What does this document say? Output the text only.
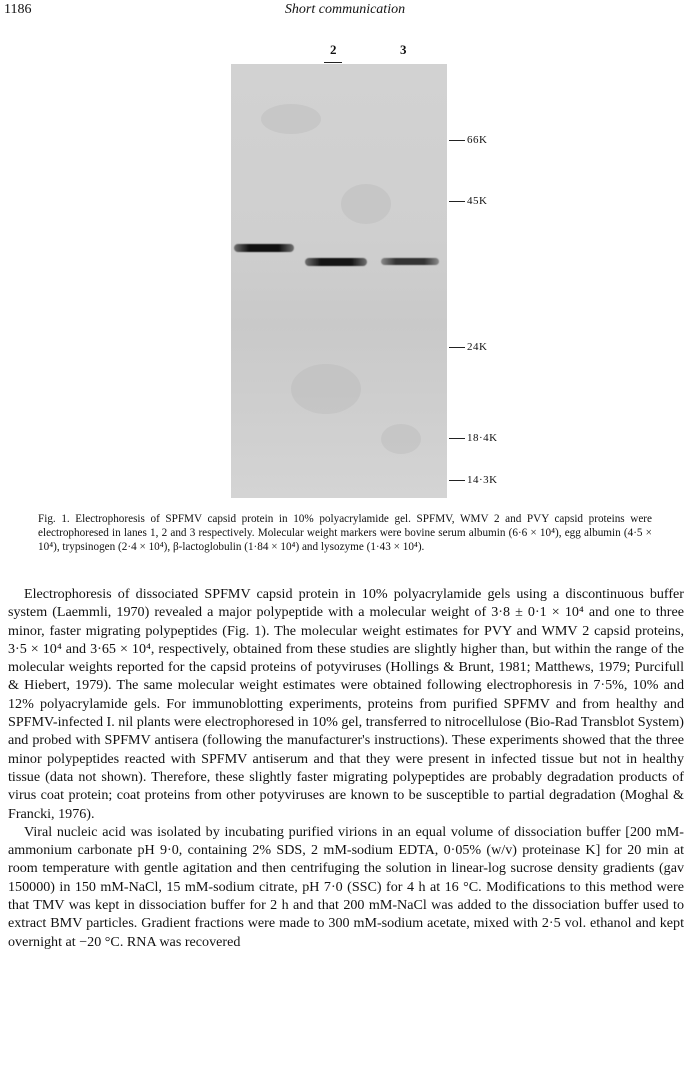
1186	Short communication
2	3
66K
45K
24K
18·4K
14·3K
Fig. 1. Electrophoresis of SPFMV capsid protein in 10% polyacrylamide gel. SPFMV, WMV 2 and PVY capsid proteins were electrophoresed in lanes 1, 2 and 3 respectively. Molecular weight markers were bovine serum albumin (6·6 × 10⁴), egg albumin (4·5 × 10⁴), trypsinogen (2·4 × 10⁴), β-lactoglobulin (1·84 × 10⁴) and lysozyme (1·43 × 10⁴).

Electrophoresis of dissociated SPFMV capsid protein in 10% polyacrylamide gels using a discontinuous buffer system (Laemmli, 1970) revealed a major polypeptide with a molecular weight of 3·8 ± 0·1 × 10⁴ and one to three minor, faster migrating polypeptides (Fig. 1). The molecular weight estimates for PVY and WMV 2 capsid proteins, 3·5 × 10⁴ and 3·65 × 10⁴, respectively, obtained from these studies are slightly higher than, but within the range of the molecular weights reported for the capsid proteins of potyviruses (Hollings & Brunt, 1981; Matthews, 1979; Purcifull & Hiebert, 1979). The same molecular weight estimates were obtained following electrophoresis in 7·5%, 10% and 12% polyacrylamide gels. For immunoblotting experiments, proteins from purified SPFMV and from healthy and SPFMV-infected I. nil plants were electrophoresed in 10% gel, transferred to nitrocellulose (Bio-Rad Transblot System) and probed with SPFMV antisera (following the manufacturer's instructions). These experiments showed that the three minor polypeptides reacted with SPFMV antiserum and that they were present in infected tissue but not in healthy tissue (data not shown). Therefore, these slightly faster migrating polypeptides are probably degradation products of virus coat protein; coat proteins from other potyviruses are known to be susceptible to partial degradation (Moghal & Francki, 1976).

Viral nucleic acid was isolated by incubating purified virions in an equal volume of dissociation buffer [200 mM-ammonium carbonate pH 9·0, containing 2% SDS, 2 mM-sodium EDTA, 0·05% (w/v) proteinase K] for 20 min at room temperature with gentle agitation and then centrifuging the solution in linear-log sucrose density gradients (gav 150000) in 150 mM-NaCl, 15 mM-sodium citrate, pH 7·0 (SSC) for 4 h at 16 °C. Modifications to this method were that TMV was kept in dissociation buffer for 2 h and that 200 mM-NaCl was added to the dissociation buffer used to extract BMV particles. Gradient fractions were made to 300 mM-sodium acetate, mixed with 2·5 vol. ethanol and kept overnight at −20 °C. RNA was recovered
